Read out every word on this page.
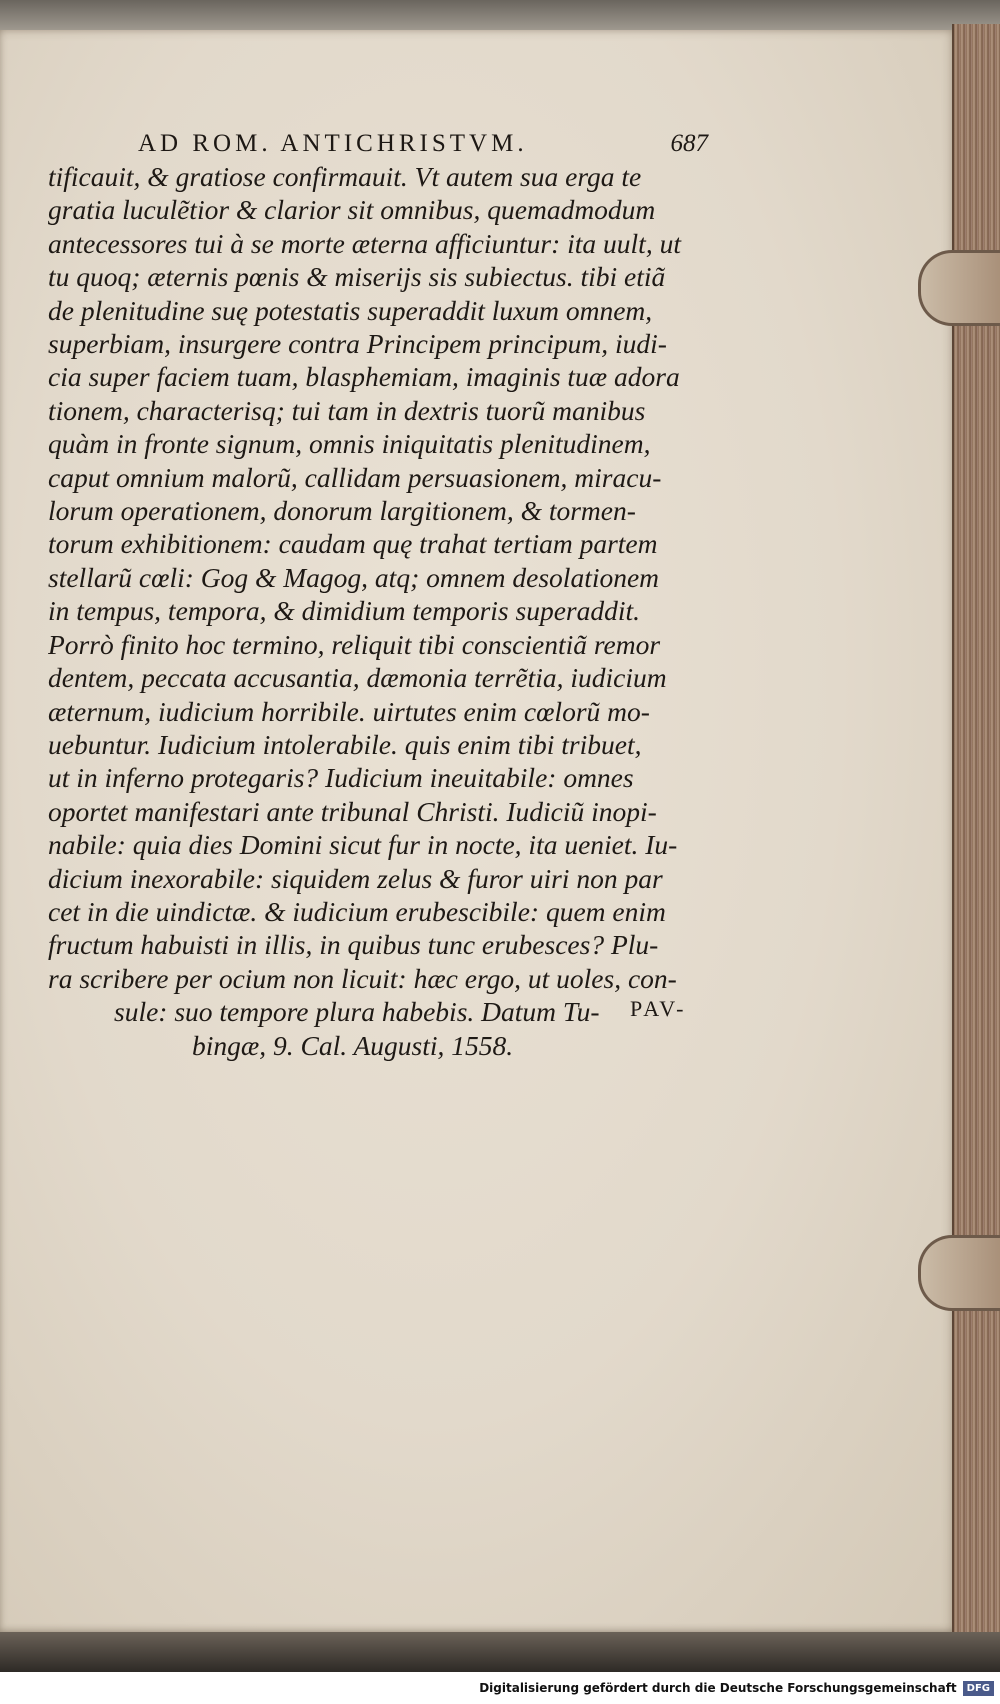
AD ROM. ANTICHRISTVM.	687
tificauit, & gratiose confirmauit. Vt autem sua erga te
gratia luculẽtior & clarior sit omnibus, quemadmodum
antecessores tui à se morte æterna afficiuntur: ita uult, ut
tu quoq; æternis pœnis & miserijs sis subiectus. tibi etiã
de plenitudine suę potestatis superaddit luxum omnem,
superbiam, insurgere contra Principem principum, iudi-
cia super faciem tuam, blasphemiam, imaginis tuæ adora
tionem, characterisq; tui tam in dextris tuorũ manibus
quàm in fronte signum, omnis iniquitatis plenitudinem,
caput omnium malorũ, callidam persuasionem, miracu-
lorum operationem, donorum largitionem, & tormen-
torum exhibitionem: caudam quę trahat tertiam partem
stellarũ cœli: Gog & Magog, atq; omnem desolationem
in tempus, tempora, & dimidium temporis superaddit.
Porrò finito hoc termino, reliquit tibi conscientiã remor
dentem, peccata accusantia, dæmonia terrẽtia, iudicium
æternum, iudicium horribile. uirtutes enim cœlorũ mo-
uebuntur. Iudicium intolerabile. quis enim tibi tribuet,
ut in inferno protegaris? Iudicium ineuitabile: omnes
oportet manifestari ante tribunal Christi. Iudiciũ inopi-
nabile: quia dies Domini sicut fur in nocte, ita ueniet. Iu-
dicium inexorabile: siquidem zelus & furor uiri non par
cet in die uindictæ. & iudicium erubescibile: quem enim
fructum habuisti in illis, in quibus tunc erubesces? Plu-
ra scribere per ocium non licuit: hæc ergo, ut uoles, con-
sule: suo tempore plura habebis. Datum Tu-
bingæ, 9. Cal. Augusti, 1558.
PAV-
Digitalisierung gefördert durch die Deutsche Forschungsgemeinschaft	DFG
